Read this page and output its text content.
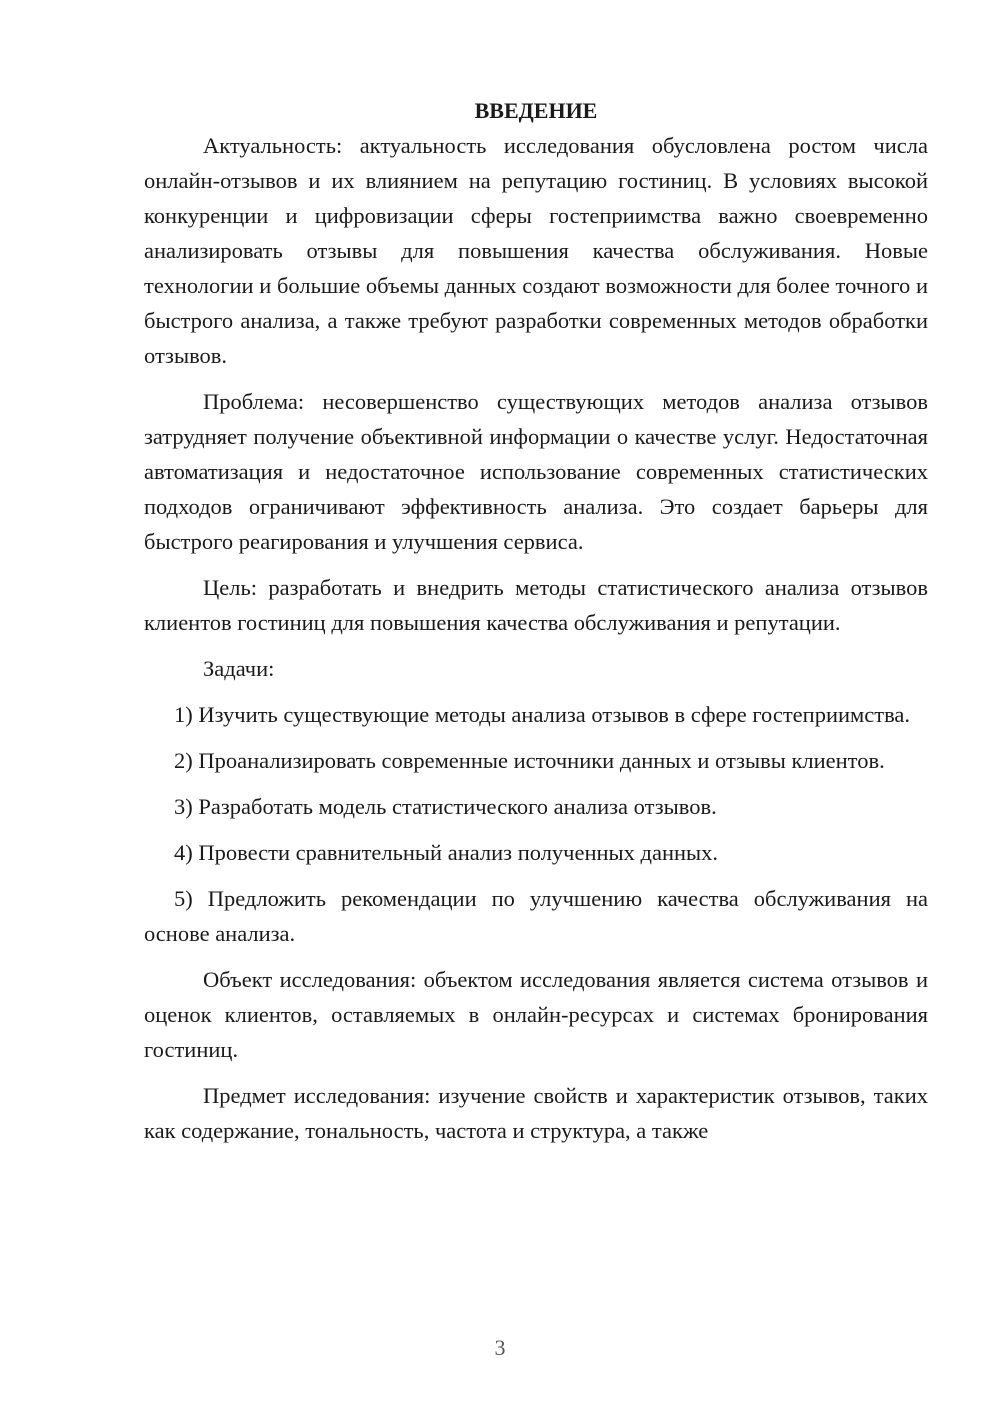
ВВЕДЕНИЕ

Актуальность: актуальность исследования обусловлена ростом числа онлайн-отзывов и их влиянием на репутацию гостиниц. В условиях высокой конкуренции и цифровизации сферы гостеприимства важно своевременно анализировать отзывы для повышения качества обслуживания. Новые технологии и большие объемы данных создают возможности для более точного и быстрого анализа, а также требуют разработки современных методов обработки отзывов.

Проблема: несовершенство существующих методов анализа отзывов затрудняет получение объективной информации о качестве услуг. Недостаточная автоматизация и недостаточное использование современных статистических подходов ограничивают эффективность анализа. Это создает барьеры для быстрого реагирования и улучшения сервиса.

Цель: разработать и внедрить методы статистического анализа отзывов клиентов гостиниц для повышения качества обслуживания и репутации.

Задачи:

1) Изучить существующие методы анализа отзывов в сфере гостеприимства.

2) Проанализировать современные источники данных и отзывы клиентов.

3) Разработать модель статистического анализа отзывов.

4) Провести сравнительный анализ полученных данных.

5) Предложить рекомендации по улучшению качества обслуживания на основе анализа.

Объект исследования: объектом исследования является система отзывов и оценок клиентов, оставляемых в онлайн-ресурсах и системах бронирования гостиниц.

Предмет исследования: изучение свойств и характеристик отзывов, таких как содержание, тональность, частота и структура, а также

3
